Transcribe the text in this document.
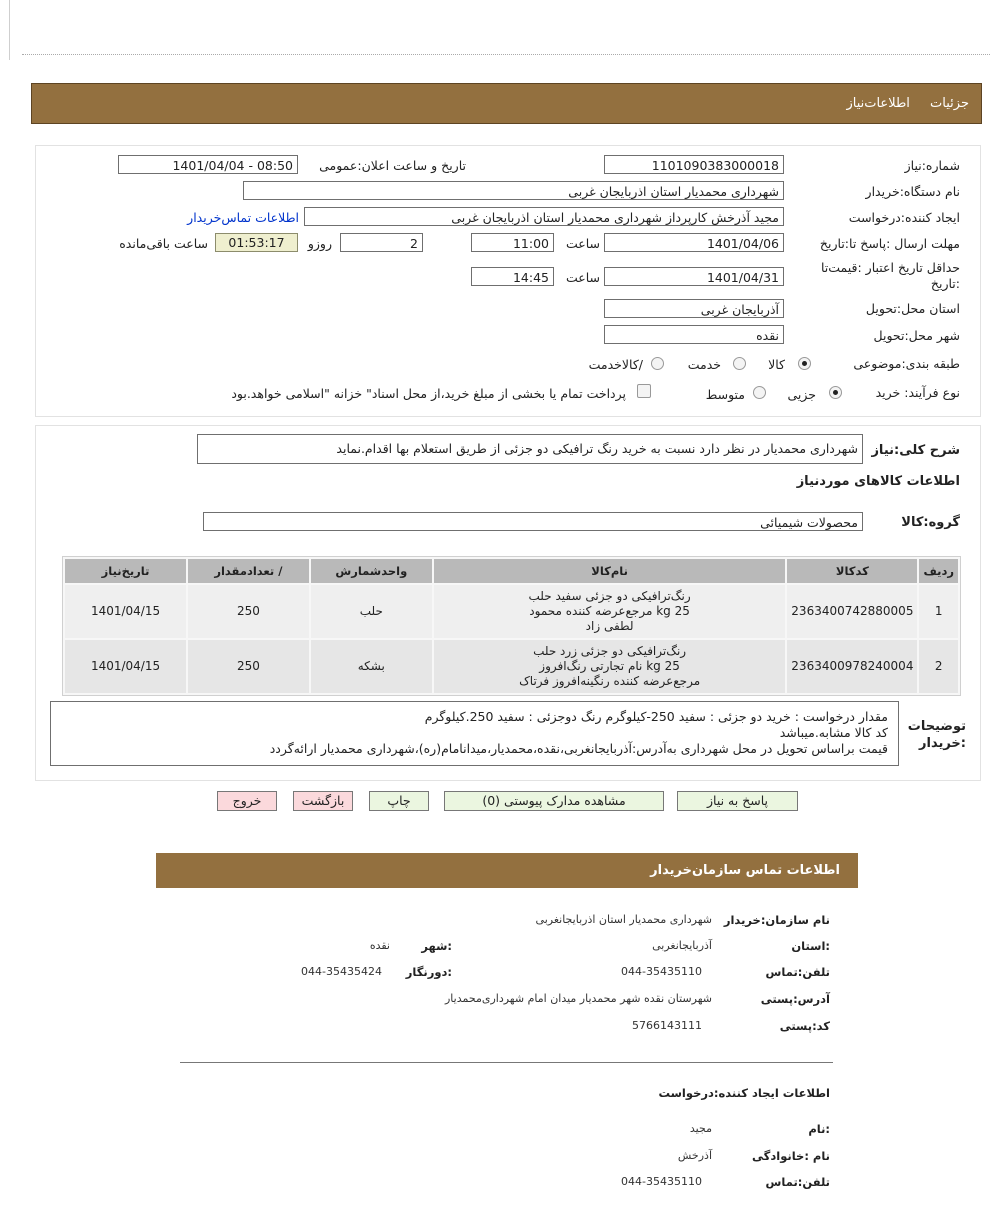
جزئیات اطلاعات‌نیاز
شماره:نیاز
1101090383000018
تاریخ و ساعت اعلان:عمومی
1401/04/04 - 08:50
نام دستگاه:خریدار
شهرداری محمدیار استان اذربایجان غربی
ایجاد کننده:درخواست
مجید آذرخش کارپرداز شهرداری محمدیار استان اذربایجان غربی
اطلاعات تماس‌خریدار
مهلت ارسال :پاسخ تا:تاریخ
1401/04/06
ساعت
11:00
2
روزو
01:53:17
ساعت باقی‌مانده
حداقل تاریخ اعتبار :قیمت‌تا
:تاریخ
1401/04/31
ساعت
14:45
استان محل:تحویل
آذربایجان غربی
شهر محل:تحویل
نقده
طبقه بندی:موضوعی
کالا
خدمت
/کالاخدمت
نوع فرآیند: خرید
جزیی
متوسط
پرداخت تمام یا بخشی از مبلغ خرید،از محل اسناد" خزانه "اسلامی خواهد.بود
شرح کلی:نیاز
شهرداری محمدیار در نظر دارد نسبت به خرید رنگ ترافیکی دو جزئی از طریق استعلام بها اقدام.نماید
اطلاعات کالاهای موردنیاز
گروه:کالا
محصولات شیمیائی
ردیف	کدکالا	نام‌کالا	واحدشمارش	/ تعدادمقدار	تاریخ‌نیاز
1	2363400742880005	رنگ‌ترافیکی دو جزئی سفید حلب
25 kg مرجع‌عرضه کننده محمود
لطفی زاد	حلب	250	1401/04/15
2	2363400978240004	رنگ‌ترافیکی دو جزئی زرد حلب
25 kg نام تجارتی رنگ‌افروز
مرجع‌عرضه کننده رنگینه‌افروز فرتاک	بشکه	250	1401/04/15
توضیحات
:خریدار
مقدار درخواست : خرید دو جزئی : سفید 250-کیلوگرم رنگ دوجزئی : سفید 250.کیلوگرم
کد کالا مشابه.میباشد
قیمت براساس تحویل در محل شهرداری به‌آدرس:آذربایجانغربی،نقده،محمدیار،میدانامام(ره)،شهرداری محمدیار ارائه‌گردد
پاسخ به نیاز
مشاهده مدارک پیوستی (0)
چاپ
بازگشت
خروج
اطلاعات تماس سازمان‌خریدار
نام سازمان:خریدار
شهرداری محمدیار استان اذربایجانغربی
:استان
آذربایجانغربی
:شهر
نقده
تلفن:تماس
044-35435110
:دورنگار
044-35435424
آدرس:پستی
شهرستان نقده شهر محمدیار میدان امام شهرداری‌محمدیار
کد:پستی
5766143111
اطلاعات ایجاد کننده:درخواست
:نام
مجید
نام :خانوادگی
آذرخش
تلفن:تماس
044-35435110
